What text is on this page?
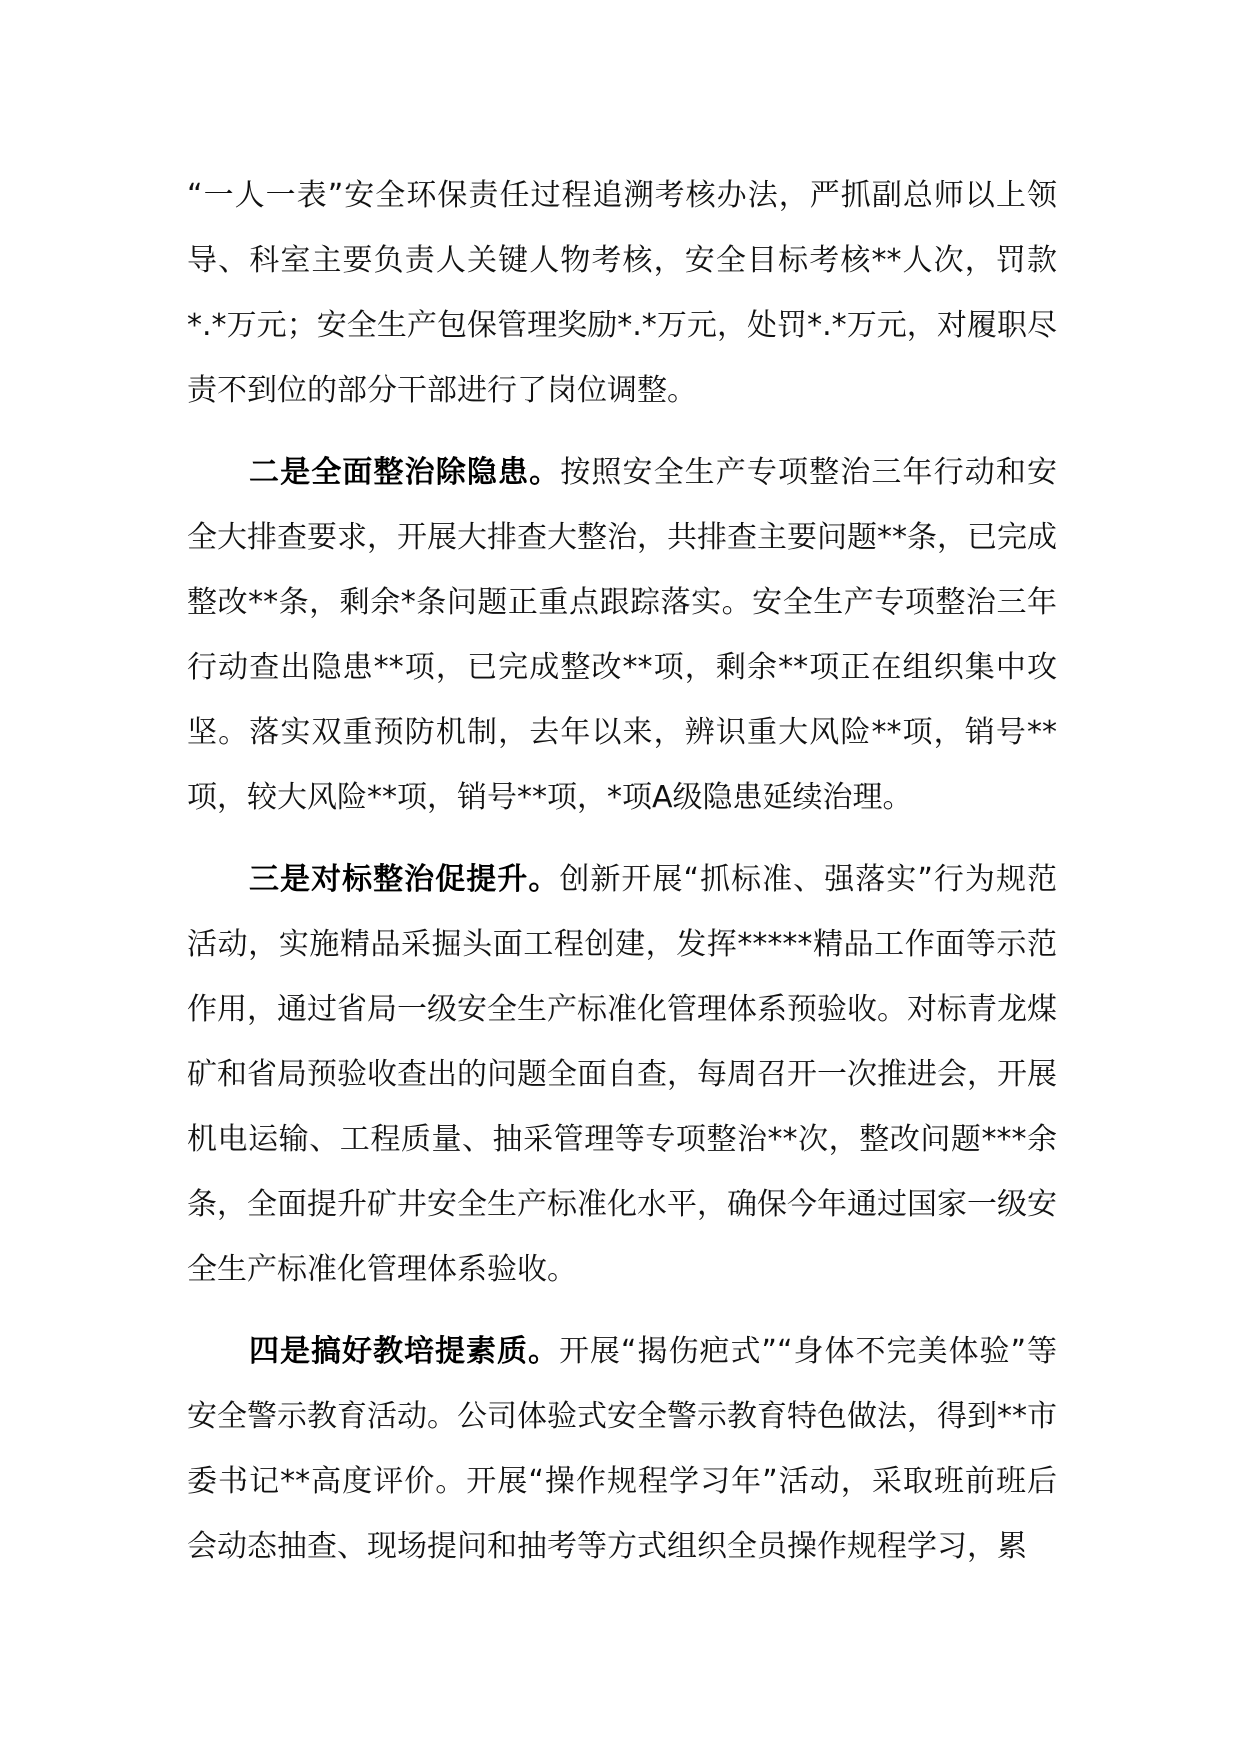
“一人一表”安全环保责任过程追溯考核办法，严抓副总师以上领导、科室主要负责人关键人物考核，安全目标考核**人次，罚款*.*万元；安全生产包保管理奖励*.*万元，处罚*.*万元，对履职尽责不到位的部分干部进行了岗位调整。

二是全面整治除隐患。按照安全生产专项整治三年行动和安全大排查要求，开展大排查大整治，共排查主要问题**条，已完成整改**条，剩余*条问题正重点跟踪落实。安全生产专项整治三年行动查出隐患**项，已完成整改**项，剩余**项正在组织集中攻坚。落实双重预防机制，去年以来，辨识重大风险**项，销号**项，较大风险**项，销号**项，*项A级隐患延续治理。

三是对标整治促提升。创新开展“抓标准、强落实”行为规范活动，实施精品采掘头面工程创建，发挥*****精品工作面等示范作用，通过省局一级安全生产标准化管理体系预验收。对标青龙煤矿和省局预验收查出的问题全面自查，每周召开一次推进会，开展机电运输、工程质量、抽采管理等专项整治**次，整改问题***余条，全面提升矿井安全生产标准化水平，确保今年通过国家一级安全生产标准化管理体系验收。

四是搞好教培提素质。开展“揭伤疤式”“身体不完美体验”等安全警示教育活动。公司体验式安全警示教育特色做法，得到**市委书记**高度评价。开展“操作规程学习年”活动，采取班前班后会动态抽查、现场提问和抽考等方式组织全员操作规程学习，累
